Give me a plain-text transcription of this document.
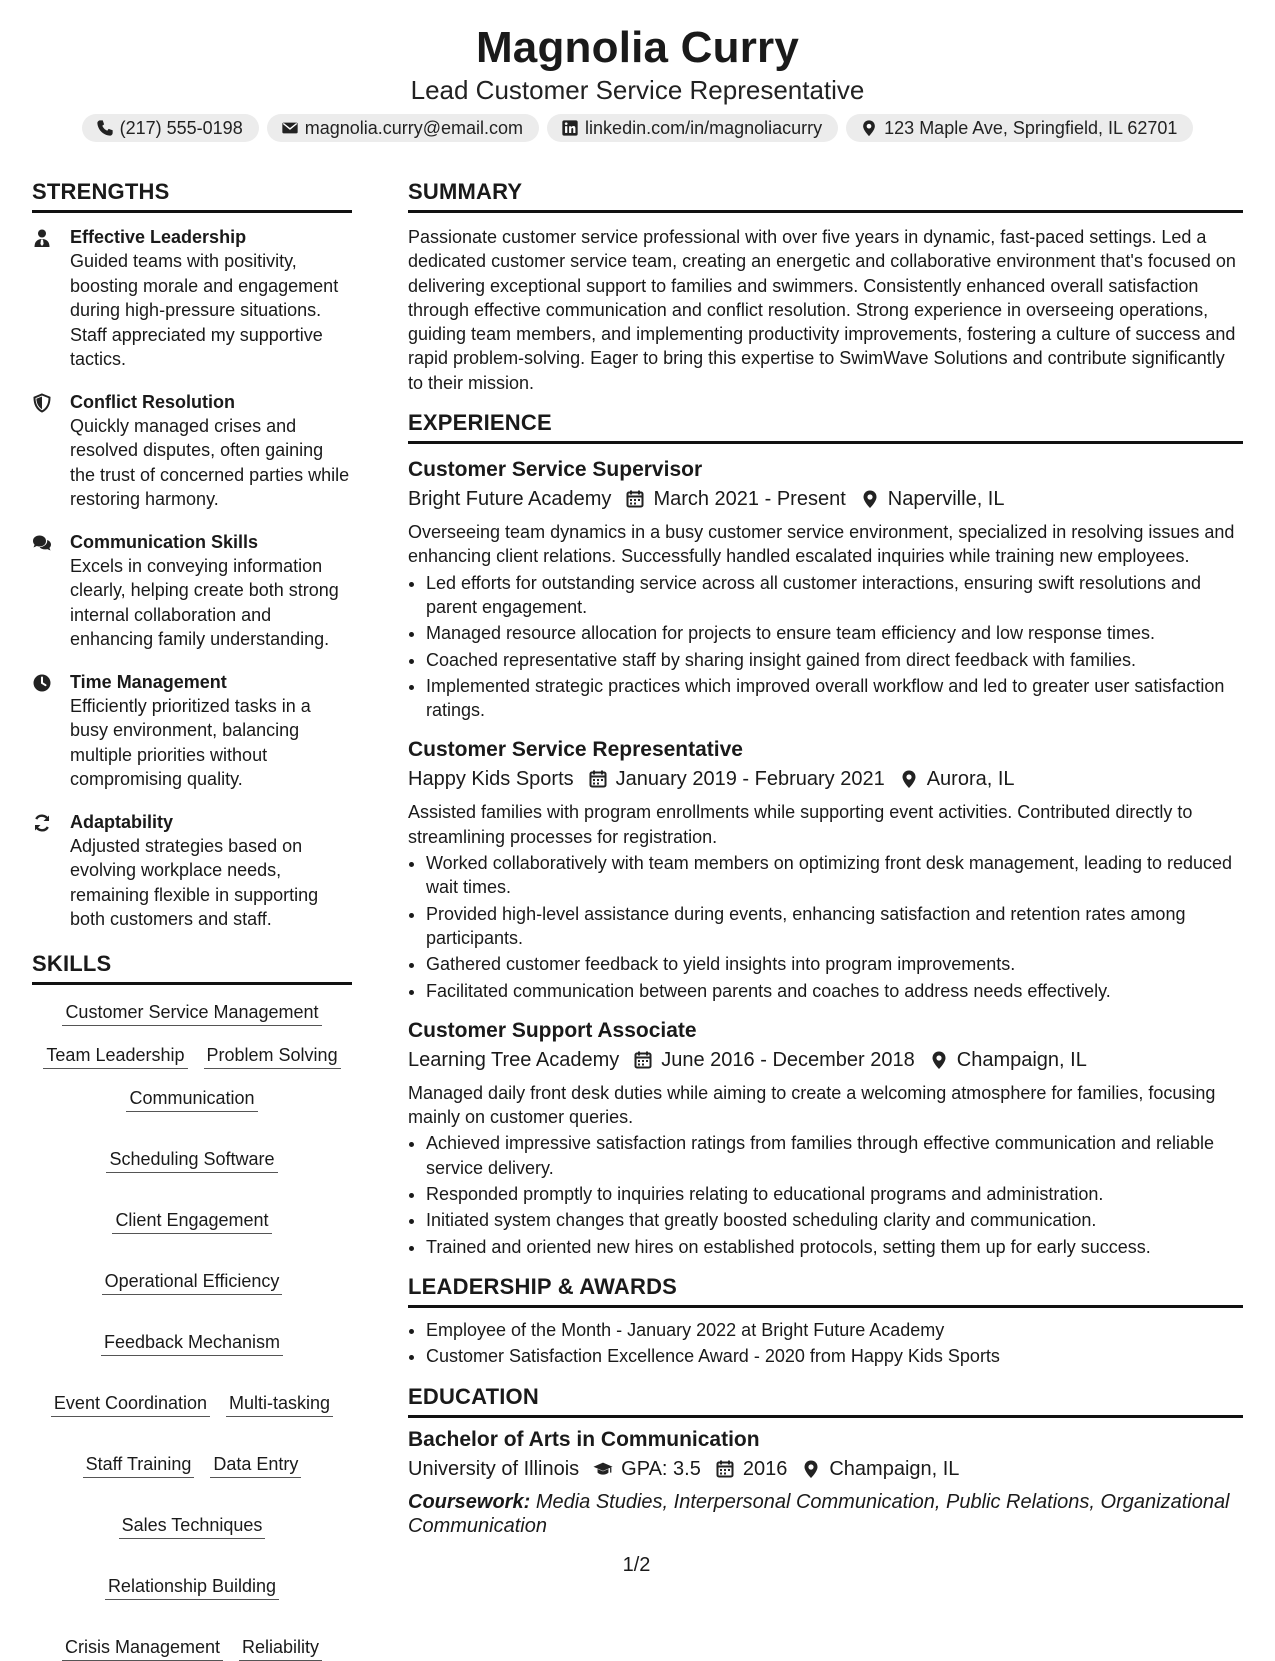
Magnolia Curry
Lead Customer Service Representative
(217) 555-0198	magnolia.curry@email.com	linkedin.com/in/magnoliacurry	123 Maple Ave, Springfield, IL 62701
STRENGTHS
Effective Leadership
Guided teams with positivity, boosting morale and engagement during high-pressure situations. Staff appreciated my supportive tactics.
Conflict Resolution
Quickly managed crises and resolved disputes, often gaining the trust of concerned parties while restoring harmony.
Communication Skills
Excels in conveying information clearly, helping create both strong internal collaboration and enhancing family understanding.
Time Management
Efficiently prioritized tasks in a busy environment, balancing multiple priorities without compromising quality.
Adaptability
Adjusted strategies based on evolving workplace needs, remaining flexible in supporting both customers and staff.
SKILLS
Customer Service Management
Team Leadership Problem Solving
Communication
Scheduling Software
Client Engagement
Operational Efficiency
Feedback Mechanism
Event Coordination Multi-tasking
Staff Training Data Entry
Sales Techniques
Relationship Building
Crisis Management Reliability
SUMMARY

Passionate customer service professional with over five years in dynamic, fast-paced settings. Led a dedicated customer service team, creating an energetic and collaborative environment that's focused on delivering exceptional support to families and swimmers. Consistently enhanced overall satisfaction through effective communication and conflict resolution. Strong experience in overseeing operations, guiding team members, and implementing productivity improvements, fostering a culture of success and rapid problem-solving. Eager to bring this expertise to SwimWave Solutions and contribute significantly to their mission.

EXPERIENCE
Customer Service Supervisor
Bright Future Academy March 2021 - Present Naperville, IL

Overseeing team dynamics in a busy customer service environment, specialized in resolving issues and enhancing client relations. Successfully handled escalated inquiries while training new employees.

• Led efforts for outstanding service across all customer interactions, ensuring swift resolutions and parent engagement.
• Managed resource allocation for projects to ensure team efficiency and low response times.
• Coached representative staff by sharing insight gained from direct feedback with families.
• Implemented strategic practices which improved overall workflow and led to greater user satisfaction ratings.
Customer Service Representative
Happy Kids Sports January 2019 - February 2021 Aurora, IL

Assisted families with program enrollments while supporting event activities. Contributed directly to streamlining processes for registration.

• Worked collaboratively with team members on optimizing front desk management, leading to reduced wait times.
• Provided high-level assistance during events, enhancing satisfaction and retention rates among participants.
• Gathered customer feedback to yield insights into program improvements.
• Facilitated communication between parents and coaches to address needs effectively.
Customer Support Associate
Learning Tree Academy June 2016 - December 2018 Champaign, IL

Managed daily front desk duties while aiming to create a welcoming atmosphere for families, focusing mainly on customer queries.

• Achieved impressive satisfaction ratings from families through effective communication and reliable service delivery.
• Responded promptly to inquiries relating to educational programs and administration.
• Initiated system changes that greatly boosted scheduling clarity and communication.
• Trained and oriented new hires on established protocols, setting them up for early success.
LEADERSHIP & AWARDS
• Employee of the Month - January 2022 at Bright Future Academy
• Customer Satisfaction Excellence Award - 2020 from Happy Kids Sports
EDUCATION
Bachelor of Arts in Communication
University of Illinois GPA: 3.5 2016 Champaign, IL
Coursework: Media Studies, Interpersonal Communication, Public Relations, Organizational Communication
1/2
